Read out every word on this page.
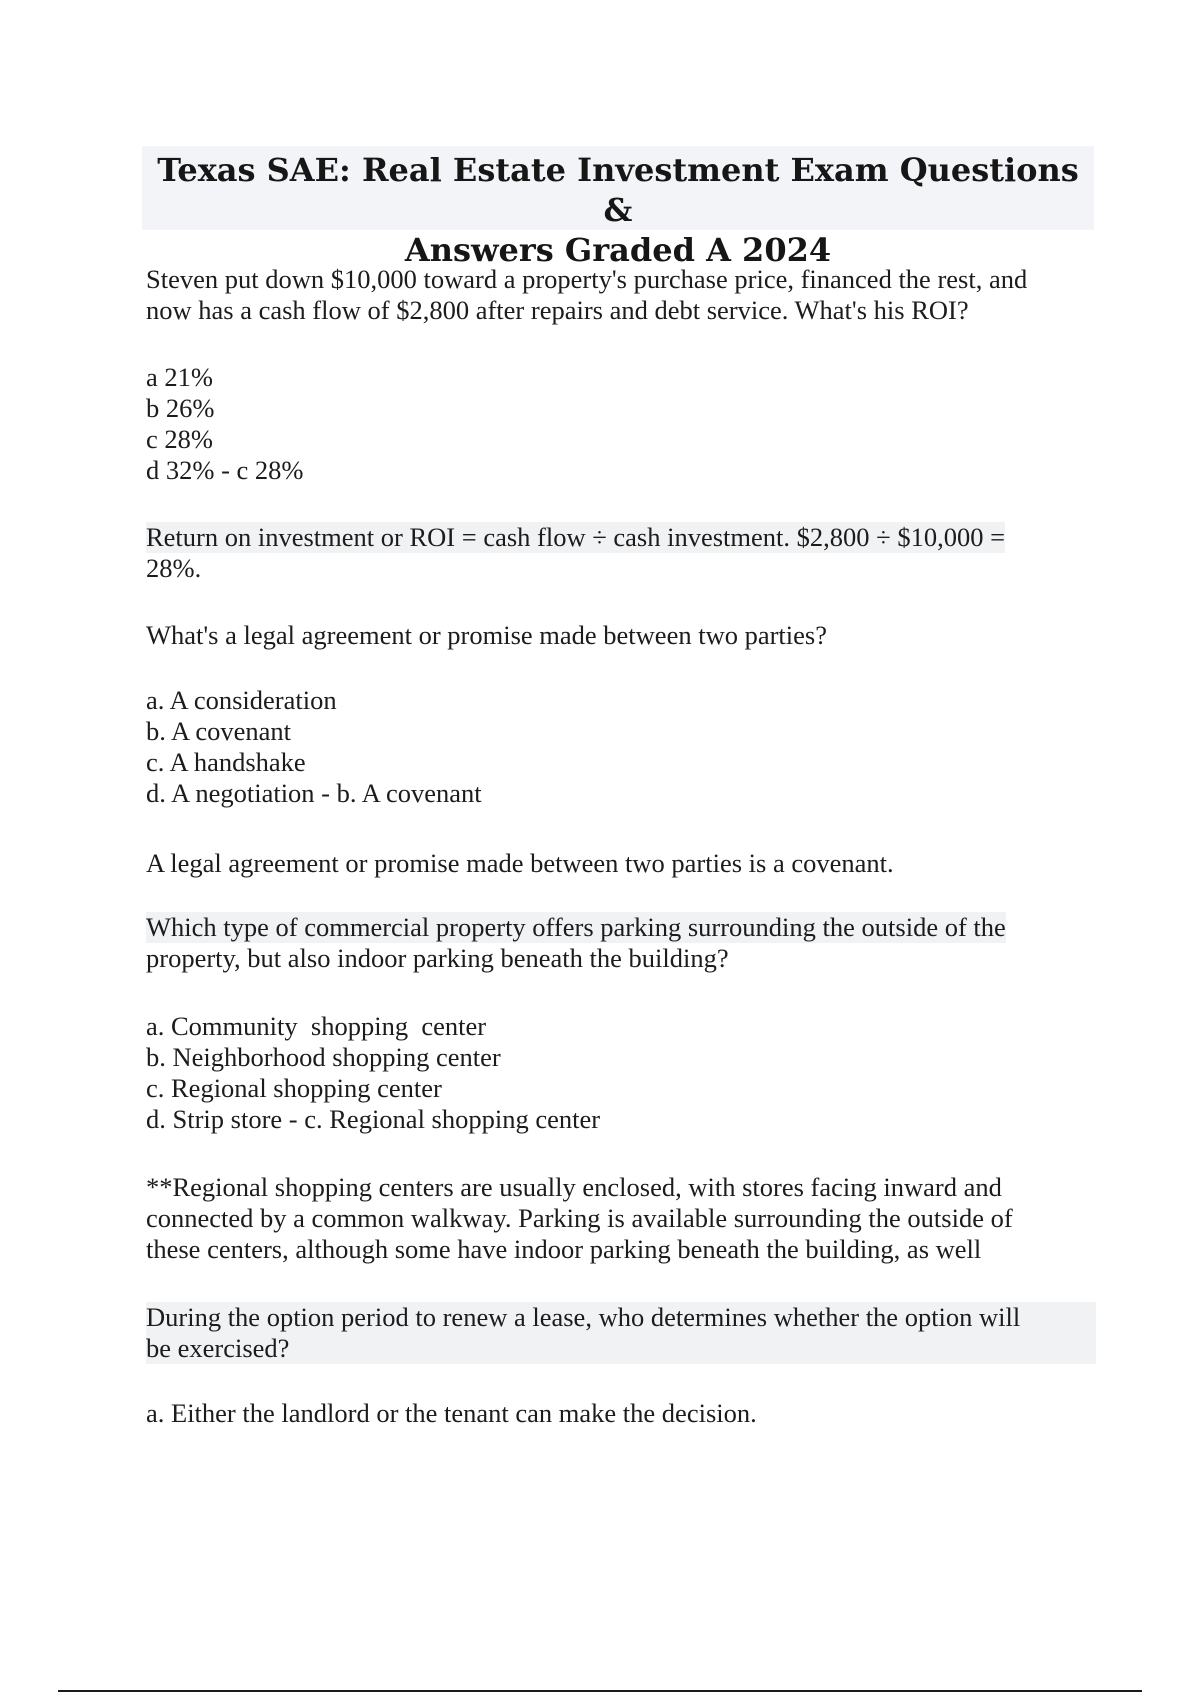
Texas SAE: Real Estate Investment Exam Questions &
Answers Graded A 2024
Steven put down $10,000 toward a property's purchase price, financed the rest, and
now has a cash flow of $2,800 after repairs and debt service. What's his ROI?
a 21%
b 26%
c 28%
d 32% - c 28%
Return on investment or ROI = cash flow ÷ cash investment. $2,800 ÷ $10,000 =
28%.
What's a legal agreement or promise made between two parties?
a. A consideration
b. A covenant
c. A handshake
d. A negotiation - b. A covenant
A legal agreement or promise made between two parties is a covenant.
Which type of commercial property offers parking surrounding the outside of the
property, but also indoor parking beneath the building?
a. Community  shopping  center
b. Neighborhood shopping center
c. Regional shopping center
d. Strip store - c. Regional shopping center
**Regional shopping centers are usually enclosed, with stores facing inward and
connected by a common walkway. Parking is available surrounding the outside of
these centers, although some have indoor parking beneath the building, as well
During the option period to renew a lease, who determines whether the option will
be exercised?
a. Either the landlord or the tenant can make the decision.
